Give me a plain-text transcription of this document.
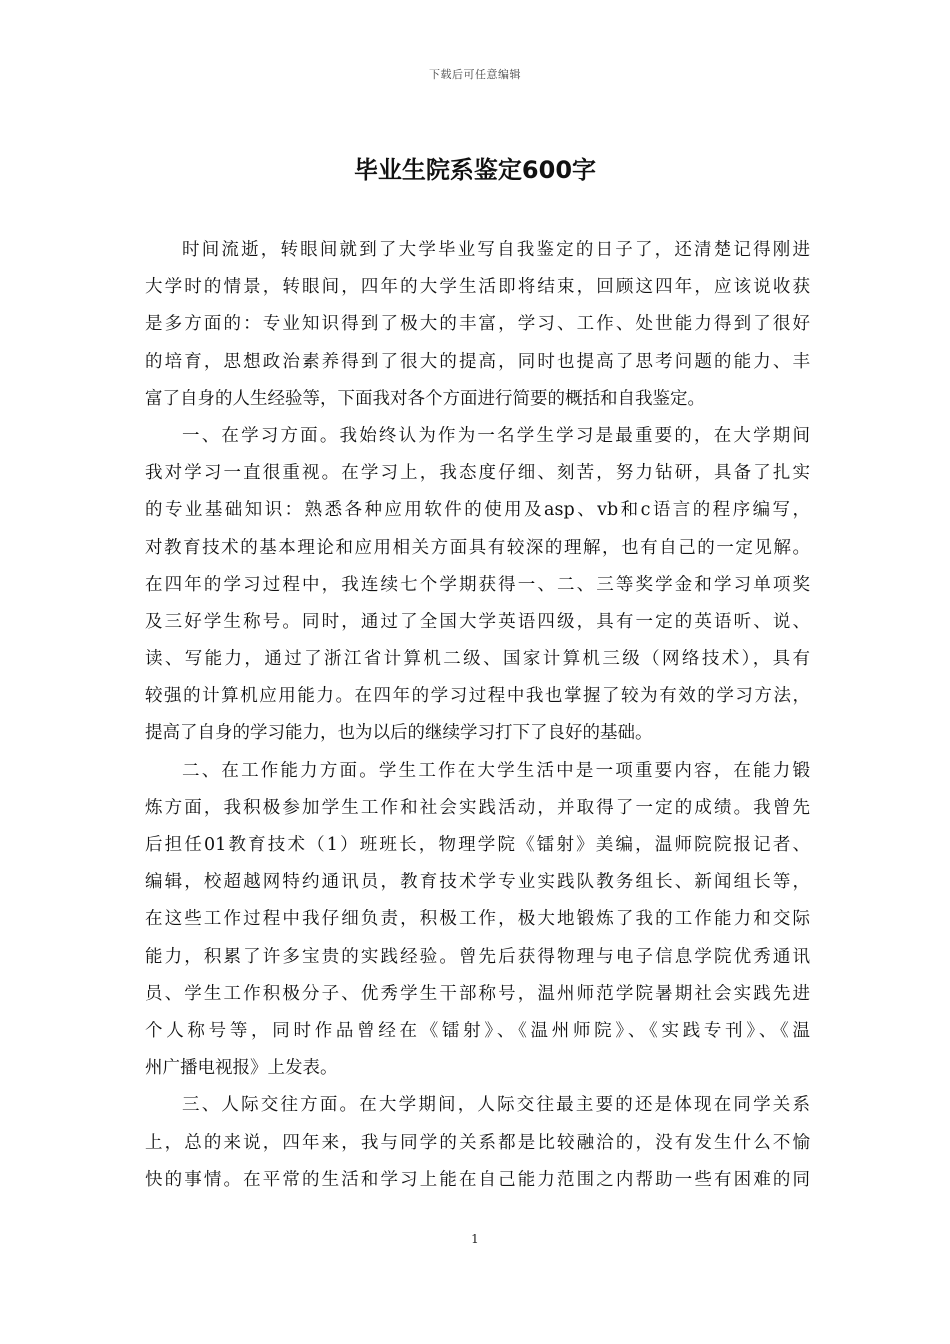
下载后可任意编辑
毕业生院系鉴定600字
时间流逝，转眼间就到了大学毕业写自我鉴定的日子了，还清楚记得刚进
大学时的情景，转眼间，四年的大学生活即将结束，回顾这四年，应该说收获
是多方面的：专业知识得到了极大的丰富，学习、工作、处世能力得到了很好
的培育，思想政治素养得到了很大的提高，同时也提高了思考问题的能力、丰
富了自身的人生经验等，下面我对各个方面进行简要的概括和自我鉴定。
一、在学习方面。我始终认为作为一名学生学习是最重要的，在大学期间
我对学习一直很重视。在学习上，我态度仔细、刻苦，努力钻研，具备了扎实
的专业基础知识：熟悉各种应用软件的使用及asp、vb和c语言的程序编写，
对教育技术的基本理论和应用相关方面具有较深的理解，也有自己的一定见解。
在四年的学习过程中，我连续七个学期获得一、二、三等奖学金和学习单项奖
及三好学生称号。同时，通过了全国大学英语四级，具有一定的英语听、说、
读、写能力，通过了浙江省计算机二级、国家计算机三级（网络技术），具有
较强的计算机应用能力。在四年的学习过程中我也掌握了较为有效的学习方法，
提高了自身的学习能力，也为以后的继续学习打下了良好的基础。
二、在工作能力方面。学生工作在大学生活中是一项重要内容，在能力锻
炼方面，我积极参加学生工作和社会实践活动，并取得了一定的成绩。我曾先
后担任01教育技术（1）班班长，物理学院《镭射》美编，温师院院报记者、
编辑，校超越网特约通讯员，教育技术学专业实践队教务组长、新闻组长等，
在这些工作过程中我仔细负责，积极工作，极大地锻炼了我的工作能力和交际
能力，积累了许多宝贵的实践经验。曾先后获得物理与电子信息学院优秀通讯
员、学生工作积极分子、优秀学生干部称号，温州师范学院暑期社会实践先进
个人称号等，同时作品曾经在《镭射》、《温州师院》、《实践专刊》、《温
州广播电视报》上发表。
三、人际交往方面。在大学期间，人际交往最主要的还是体现在同学关系
上，总的来说，四年来，我与同学的关系都是比较融洽的，没有发生什么不愉
快的事情。在平常的生活和学习上能在自己能力范围之内帮助一些有困难的同
1
